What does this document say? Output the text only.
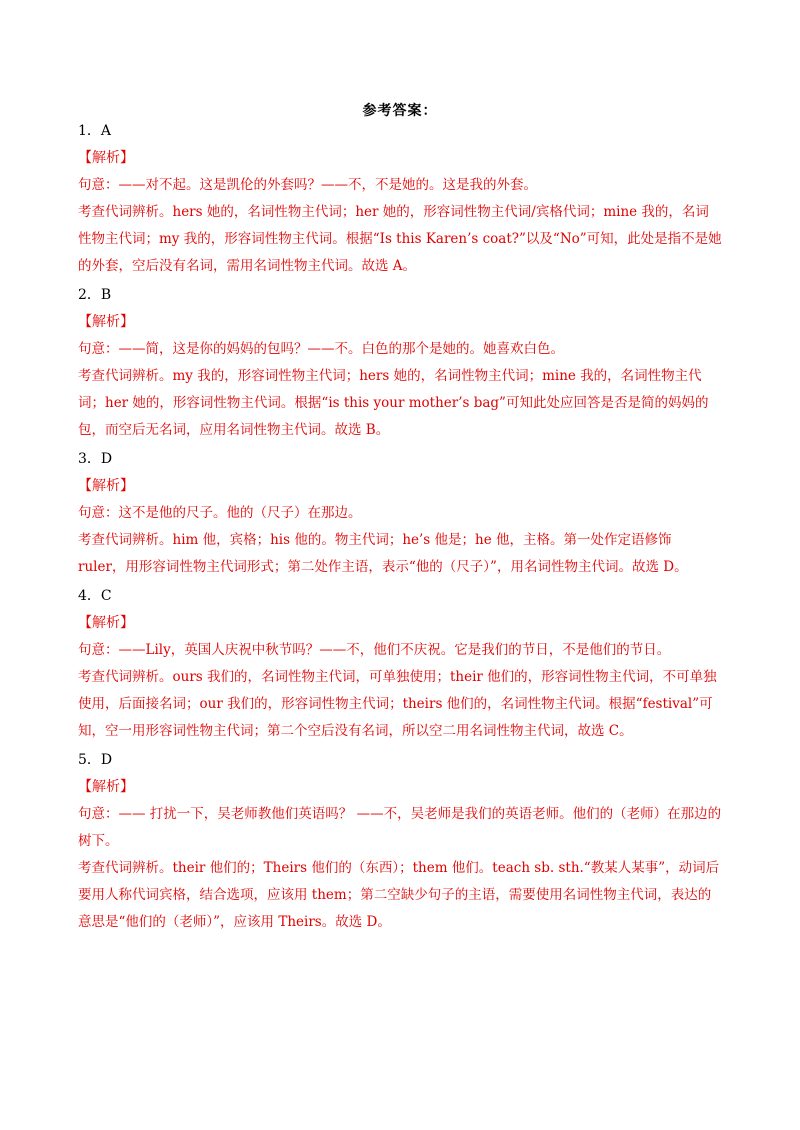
参考答案：
1．A
【解析】
句意：——对不起。这是凯伦的外套吗？——不，不是她的。这是我的外套。
考查代词辨析。hers 她的，名词性物主代词；her 她的，形容词性物主代词/宾格代词；mine 我的，名词性物主代词；my 我的，形容词性物主代词。根据“Is this Karen’s coat?”以及“No”可知，此处是指不是她的外套，空后没有名词，需用名词性物主代词。故选 A。
2．B
【解析】
句意：——简，这是你的妈妈的包吗？——不。白色的那个是她的。她喜欢白色。
考查代词辨析。my 我的，形容词性物主代词；hers 她的，名词性物主代词；mine 我的，名词性物主代词；her 她的，形容词性物主代词。根据“is this your mother’s bag”可知此处应回答是否是简的妈妈的包，而空后无名词，应用名词性物主代词。故选 B。
3．D
【解析】
句意：这不是他的尺子。他的（尺子）在那边。
考查代词辨析。him 他，宾格；his 他的。物主代词；he’s 他是；he 他，主格。第一处作定语修饰 ruler，用形容词性物主代词形式；第二处作主语，表示“他的（尺子）”，用名词性物主代词。故选 D。
4．C
【解析】
句意：——Lily，英国人庆祝中秋节吗？——不，他们不庆祝。它是我们的节日，不是他们的节日。
考查代词辨析。ours 我们的，名词性物主代词，可单独使用；their 他们的，形容词性物主代词，不可单独使用，后面接名词；our 我们的，形容词性物主代词；theirs 他们的，名词性物主代词。根据“festival”可知，空一用形容词性物主代词；第二个空后没有名词，所以空二用名词性物主代词，故选 C。
5．D
【解析】
句意：—— 打扰一下，吴老师教他们英语吗？ ——不，吴老师是我们的英语老师。他们的（老师）在那边的树下。
考查代词辨析。their 他们的；Theirs 他们的（东西）；them 他们。teach sb. sth.“教某人某事”，动词后要用人称代词宾格，结合选项，应该用 them；第二空缺少句子的主语，需要使用名词性物主代词，表达的意思是“他们的（老师）”，应该用 Theirs。故选 D。
